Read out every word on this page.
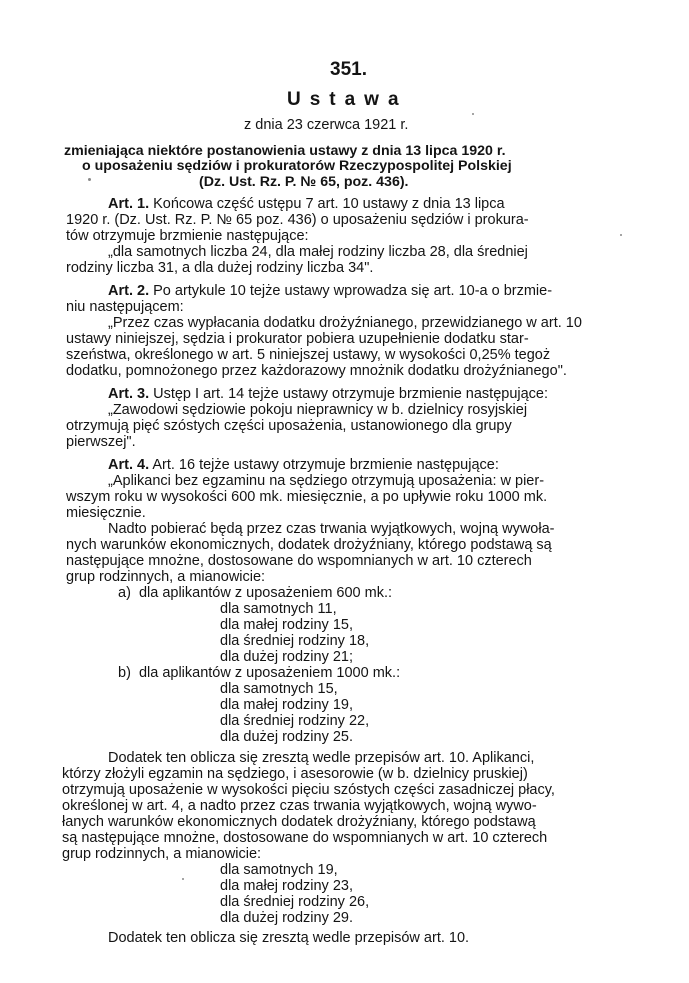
351.
Ustawa
z dnia 23 czerwca 1921 r.
zmieniająca niektóre postanowienia ustawy z dnia 13 lipca 1920 r.
o uposażeniu sędziów i prokuratorów Rzeczypospolitej Polskiej
(Dz. Ust. Rz. P. № 65, poz. 436).
Art. 1. Końcowa część ustępu 7 art. 10 ustawy z dnia 13 lipca
1920 r. (Dz. Ust. Rz. P. № 65 poz. 436) o uposażeniu sędziów i prokura-
tów otrzymuje brzmienie następujące:
„dla samotnych liczba 24, dla małej rodziny liczba 28, dla średniej
rodziny liczba 31, a dla dużej rodziny liczba 34".
Art. 2. Po artykule 10 tejże ustawy wprowadza się art. 10-a o brzmie-
niu następującem:
„Przez czas wypłacania dodatku drożyźnianego, przewidzianego w art. 10
ustawy niniejszej, sędzia i prokurator pobiera uzupełnienie dodatku star-
szeństwa, określonego w art. 5 niniejszej ustawy, w wysokości 0,25% tegoż
dodatku, pomnożonego przez każdorazowy mnożnik dodatku drożyźnianego".
Art. 3. Ustęp I art. 14 tejże ustawy otrzymuje brzmienie następujące:
„Zawodowi sędziowie pokoju nieprawnicy w b. dzielnicy rosyjskiej
otrzymują pięć szóstych części uposażenia, ustanowionego dla grupy
pierwszej".
Art. 4. Art. 16 tejże ustawy otrzymuje brzmienie następujące:
„Aplikanci bez egzaminu na sędziego otrzymują uposażenia: w pier-
wszym roku w wysokości 600 mk. miesięcznie, a po upływie roku 1000 mk.
miesięcznie.
Nadto pobierać będą przez czas trwania wyjątkowych, wojną wywoła-
nych warunków ekonomicznych, dodatek drożyźniany, którego podstawą są
następujące mnożne, dostosowane do wspomnianych w art. 10 czterech
grup rodzinnych, a mianowicie:
a)  dla aplikantów z uposażeniem 600 mk.:
dla samotnych 11,
dla małej rodziny 15,
dla średniej rodziny 18,
dla dużej rodziny 21;
b)  dla aplikantów z uposażeniem 1000 mk.:
dla samotnych 15,
dla małej rodziny 19,
dla średniej rodziny 22,
dla dużej rodziny 25.
Dodatek ten oblicza się zresztą wedle przepisów art. 10. Aplikanci,
którzy złożyli egzamin na sędziego, i asesorowie (w b. dzielnicy pruskiej)
otrzymują uposażenie w wysokości pięciu szóstych części zasadniczej płacy,
określonej w art. 4, a nadto przez czas trwania wyjątkowych, wojną wywo-
łanych warunków ekonomicznych dodatek drożyźniany, którego podstawą
są następujące mnożne, dostosowane do wspomnianych w art. 10 czterech
grup rodzinnych, a mianowicie:
dla samotnych 19,
dla małej rodziny 23,
dla średniej rodziny 26,
dla dużej rodziny 29.
Dodatek ten oblicza się zresztą wedle przepisów art. 10.
